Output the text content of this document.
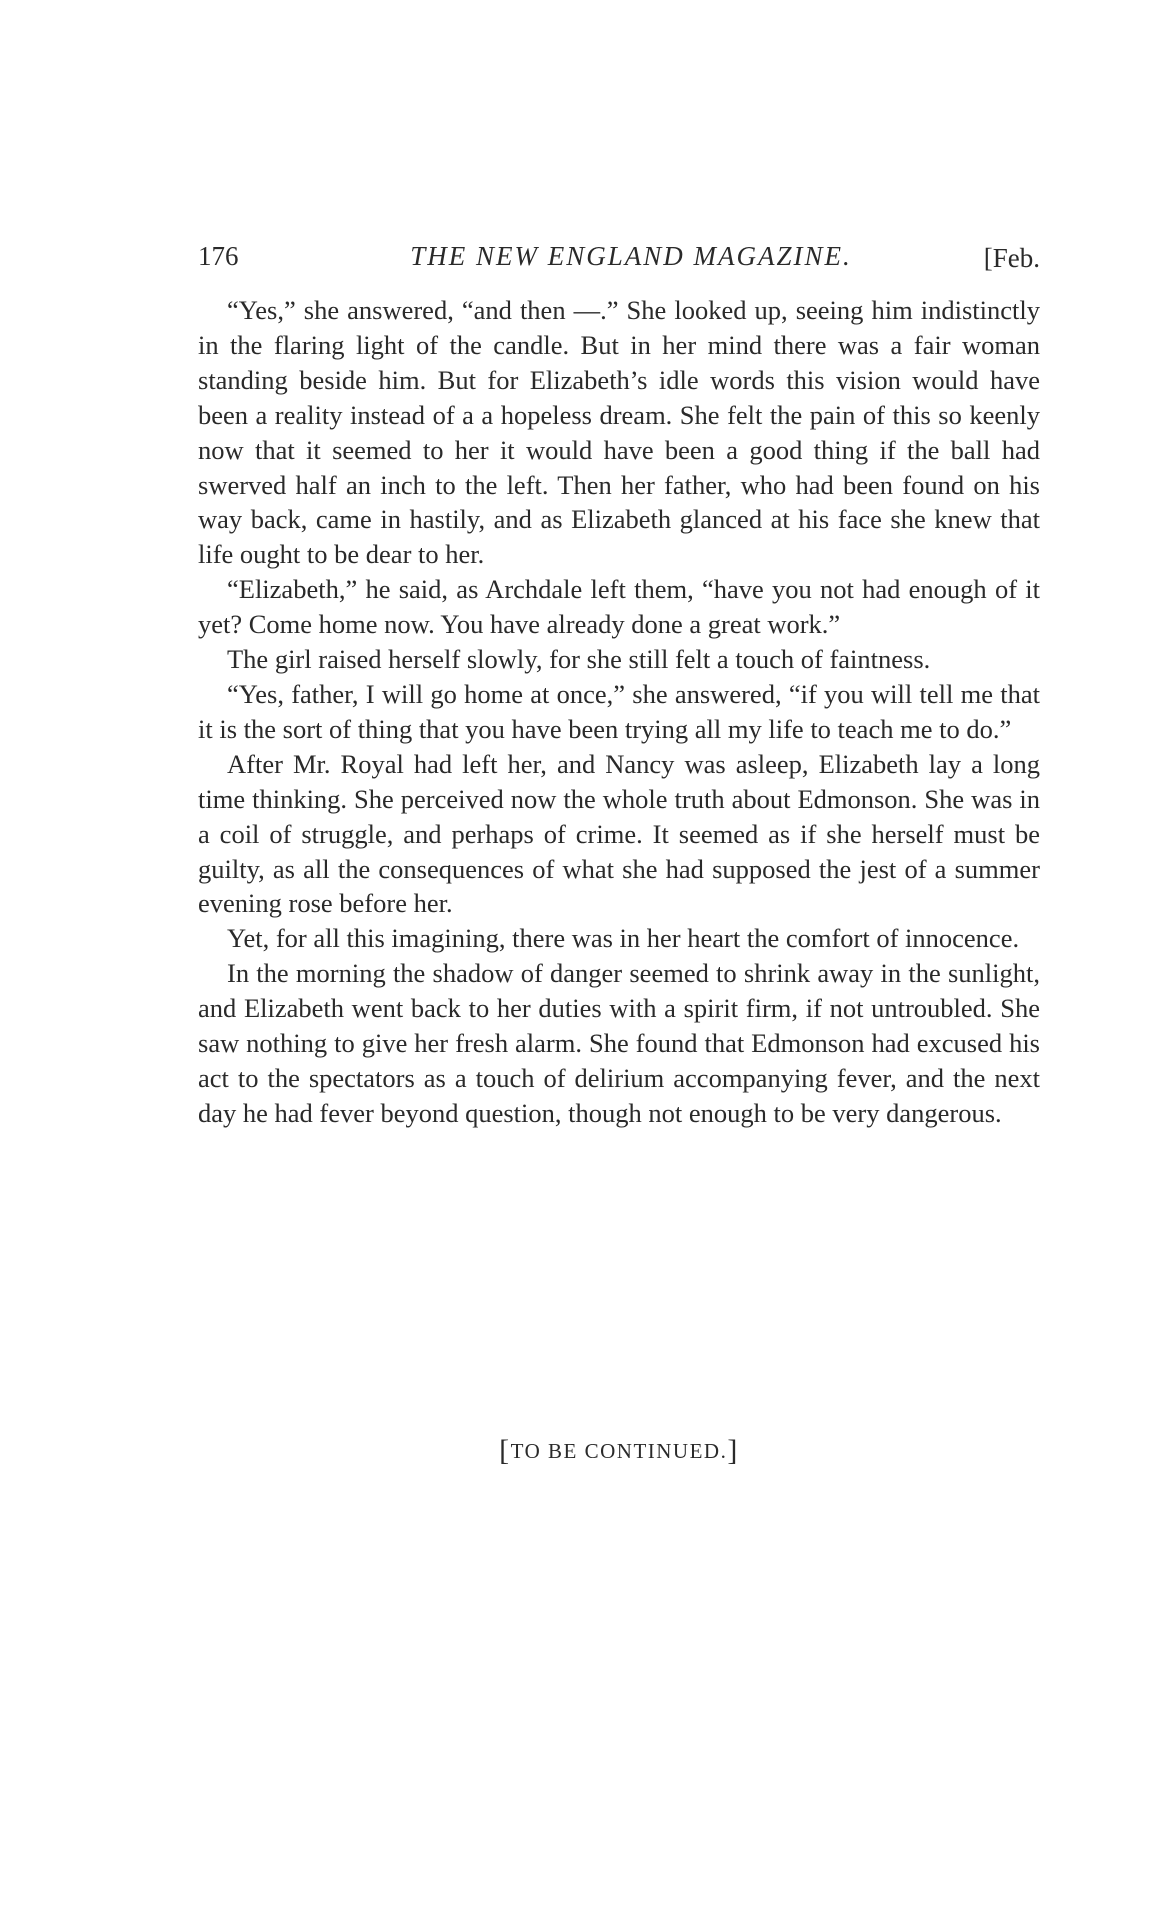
176	THE NEW ENGLAND MAGAZINE.	[Feb.

“Yes,” she answered, “and then —.” She looked up, seeing him indistinctly in the flaring light of the candle. But in her mind there was a fair woman standing beside him. But for Elizabeth’s idle words this vision would have been a reality instead of a a hopeless dream. She felt the pain of this so keenly now that it seemed to her it would have been a good thing if the ball had swerved half an inch to the left. Then her father, who had been found on his way back, came in hastily, and as Elizabeth glanced at his face she knew that life ought to be dear to her.

“Elizabeth,” he said, as Archdale left them, “have you not had enough of it yet? Come home now. You have already done a great work.”

The girl raised herself slowly, for she still felt a touch of faintness.

“Yes, father, I will go home at once,” she answered, “if you will tell me that it is the sort of thing that you have been trying all my life to teach me to do.”

After Mr. Royal had left her, and Nancy was asleep, Elizabeth lay a long time thinking. She perceived now the whole truth about Edmonson. She was in a coil of struggle, and perhaps of crime. It seemed as if she herself must be guilty, as all the consequences of what she had supposed the jest of a summer evening rose before her.

Yet, for all this imagining, there was in her heart the comfort of innocence.

In the morning the shadow of danger seemed to shrink away in the sunlight, and Elizabeth went back to her duties with a spirit firm, if not untroubled. She saw nothing to give her fresh alarm. She found that Edmonson had excused his act to the spectators as a touch of delirium accompanying fever, and the next day he had fever beyond question, though not enough to be very dangerous.

[TO BE CONTINUED.]
